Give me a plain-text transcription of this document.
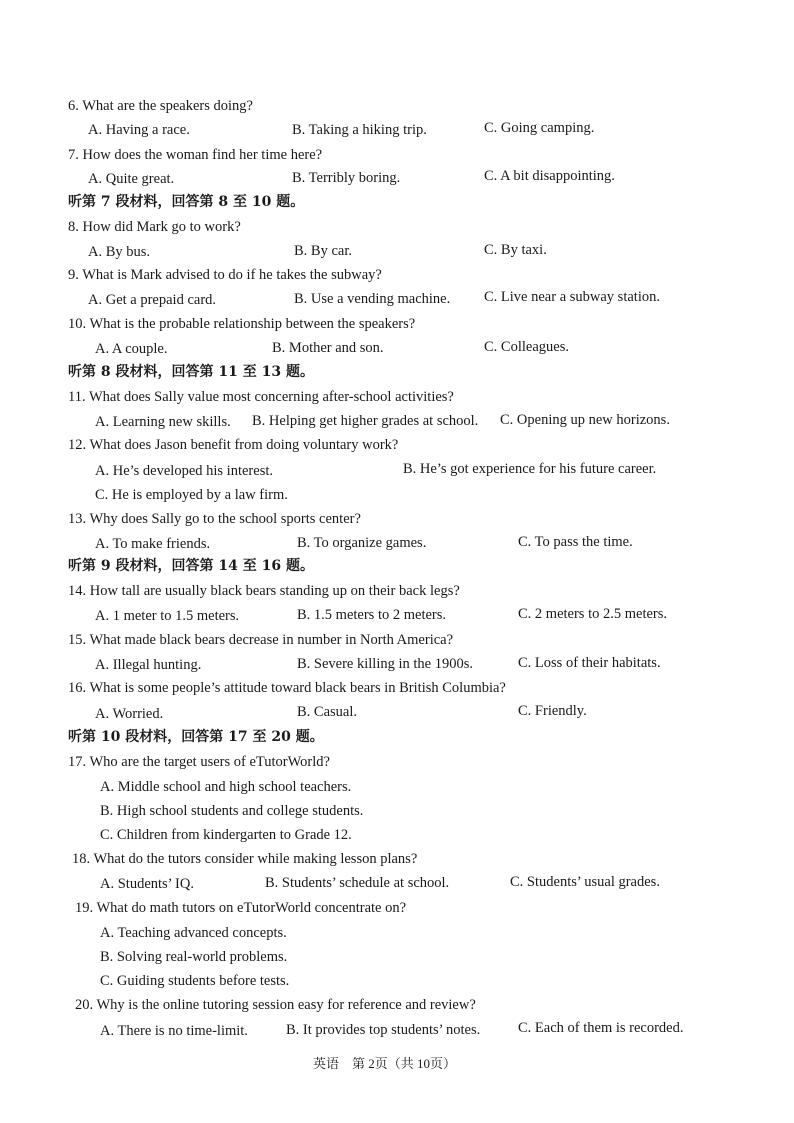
6. What are the speakers doing?
A. Having a race.	B. Taking a hiking trip.	C. Going camping.
7. How does the woman find her time here?
A. Quite great.	B. Terribly boring.	C. A bit disappointing.
听第 7 段材料，回答第 8 至 10 题。
8. How did Mark go to work?
A. By bus.	B. By car.	C. By taxi.
9. What is Mark advised to do if he takes the subway?
A. Get a prepaid card.	B. Use a vending machine. C. Live near a subway station.
10. What is the probable relationship between the speakers?
A. A couple.	B. Mother and son.	C. Colleagues.
听第 8 段材料，回答第 11 至 13 题。
11. What does Sally value most concerning after-school activities?
A. Learning new skills. B. Helping get higher grades at school. C. Opening up new horizons.
12. What does Jason benefit from doing voluntary work?
A. He’s developed his interest.	B. He’s got experience for his future career.
C. He is employed by a law firm.
13. Why does Sally go to the school sports center?
A. To make friends.	B. To organize games.	C. To pass the time.
听第 9 段材料，回答第 14 至 16 题。
14. How tall are usually black bears standing up on their back legs?
A. 1 meter to 1.5 meters.	B. 1.5 meters to 2 meters.	C. 2 meters to 2.5 meters.
15. What made black bears decrease in number in North America?
A. Illegal hunting.	B. Severe killing in the 1900s.	C. Loss of their habitats.
16. What is some people’s attitude toward black bears in British Columbia?
A. Worried.	B. Casual.	C. Friendly.
听第 10 段材料，回答第 17 至 20 题。
17. Who are the target users of eTutorWorld?
A. Middle school and high school teachers.
B. High school students and college students.
C. Children from kindergarten to Grade 12.
18. What do the tutors consider while making lesson plans?
A. Students’ IQ.	B. Students’ schedule at school.	C. Students’ usual grades.
19. What do math tutors on eTutorWorld concentrate on?
A. Teaching advanced concepts.
B. Solving real-world problems.
C. Guiding students before tests.
20. Why is the online tutoring session easy for reference and review?
A. There is no time-limit.	B. It provides top students’ notes.	C. Each of them is recorded.
英语　第 2页（共 10页）
